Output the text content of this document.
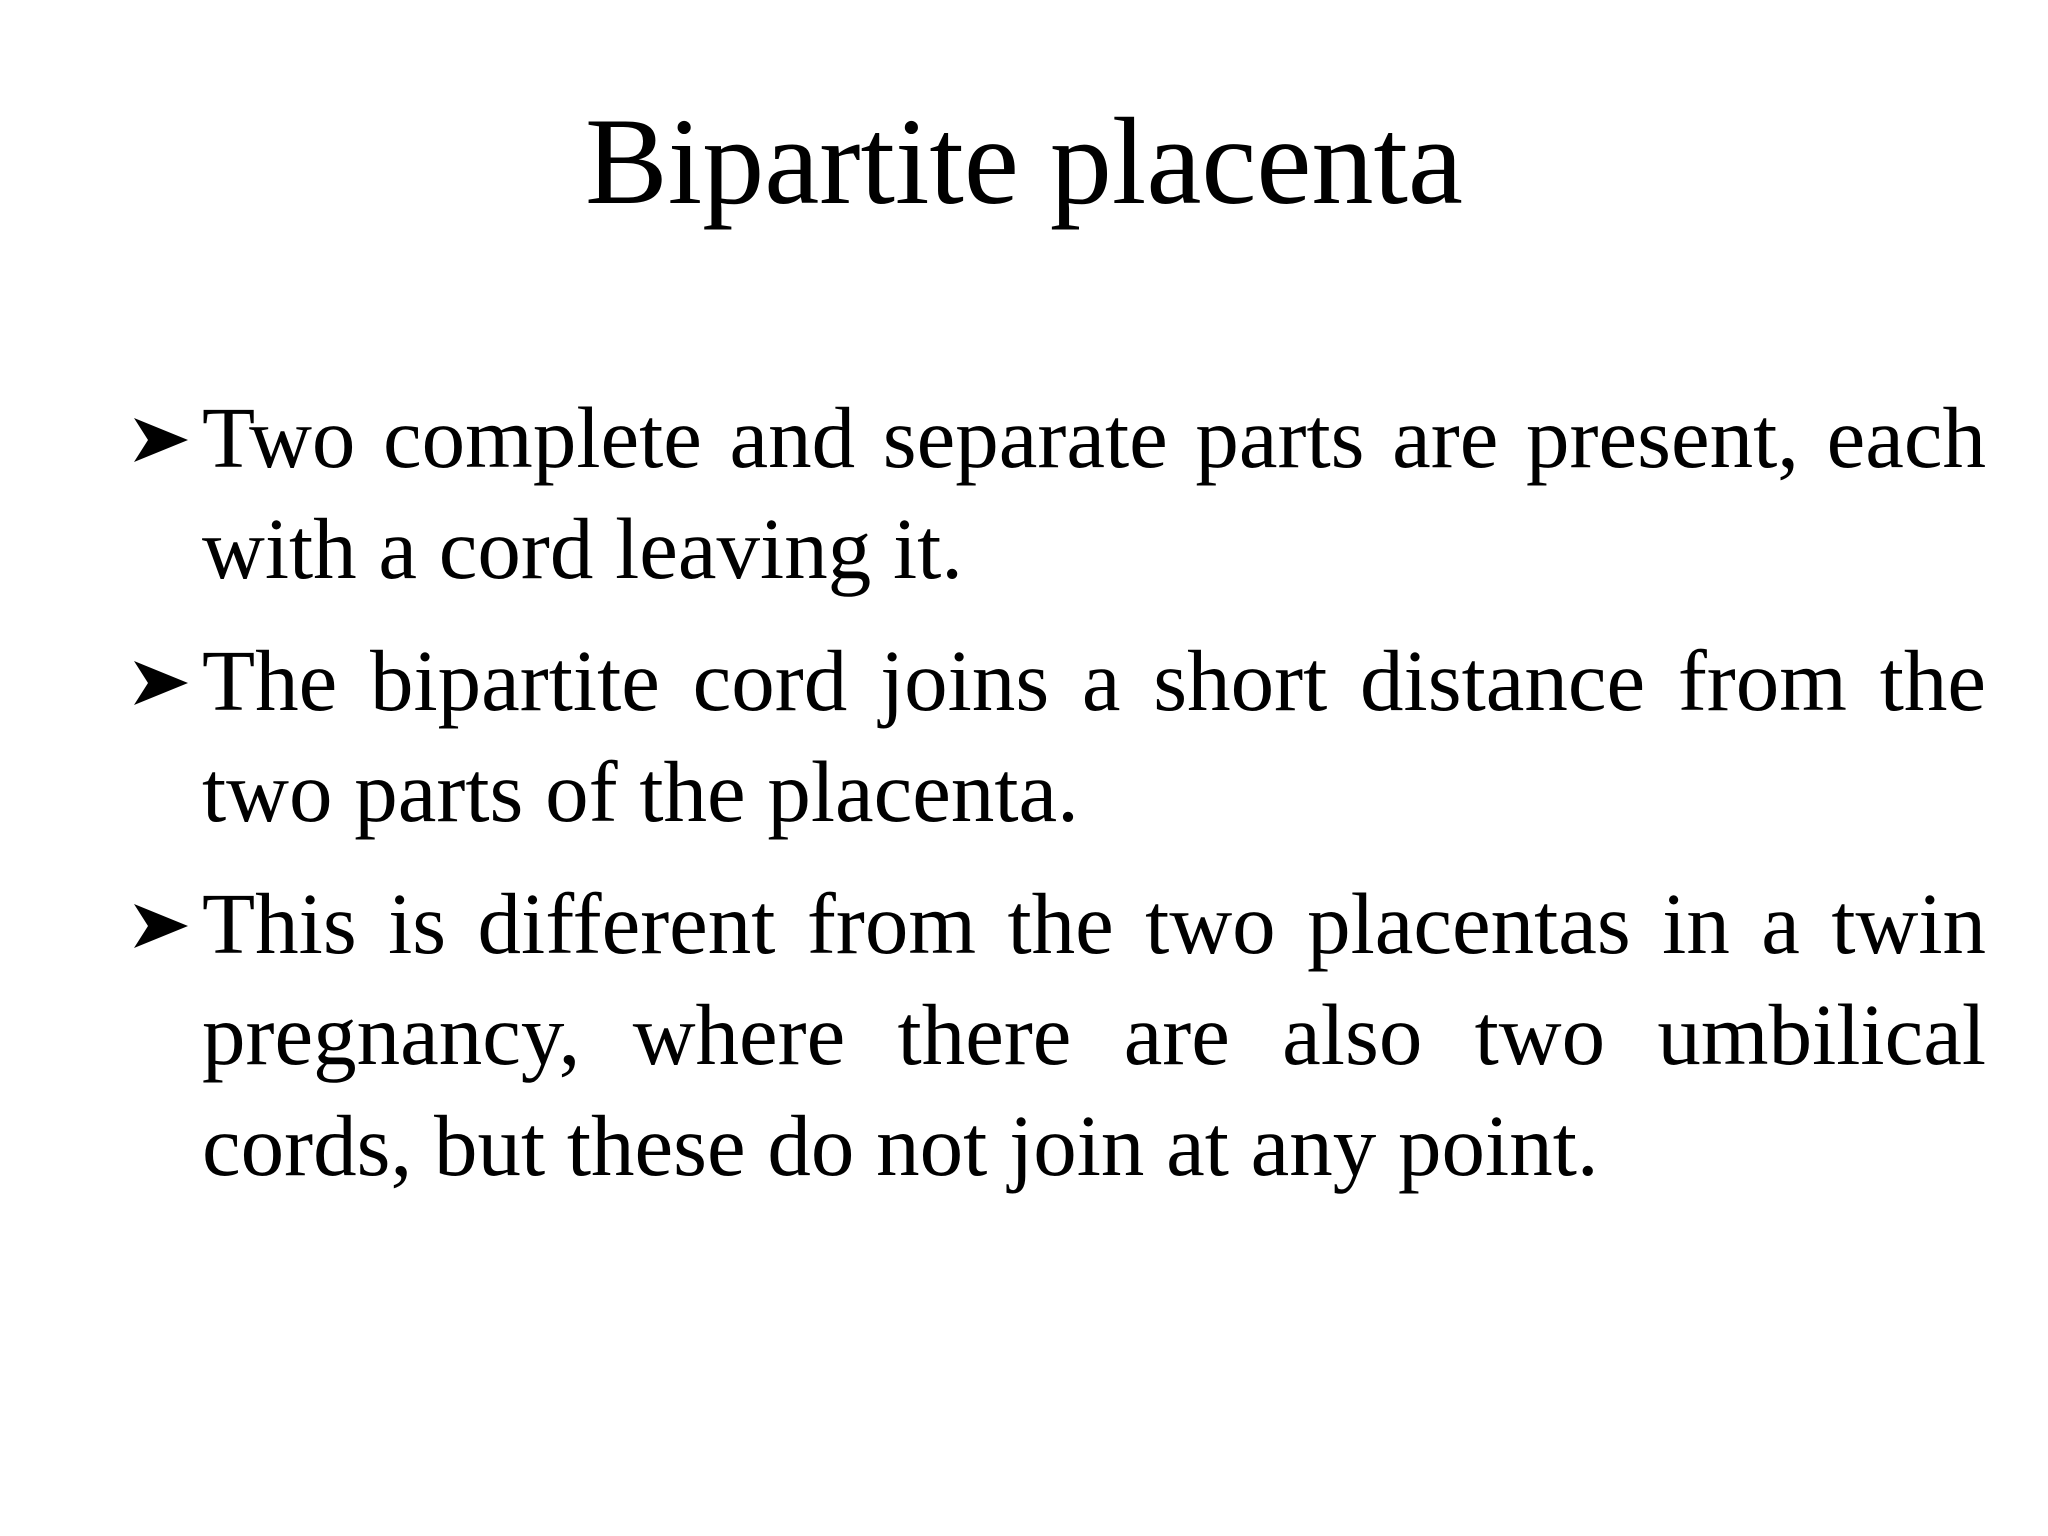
Bipartite placenta
Two complete and separate parts are present, each with a cord leaving it.
The bipartite cord joins a short distance from the two parts of the placenta.
This is different from the two placentas in a twin pregnancy, where there are also two umbilical cords, but these do not join at any point.
